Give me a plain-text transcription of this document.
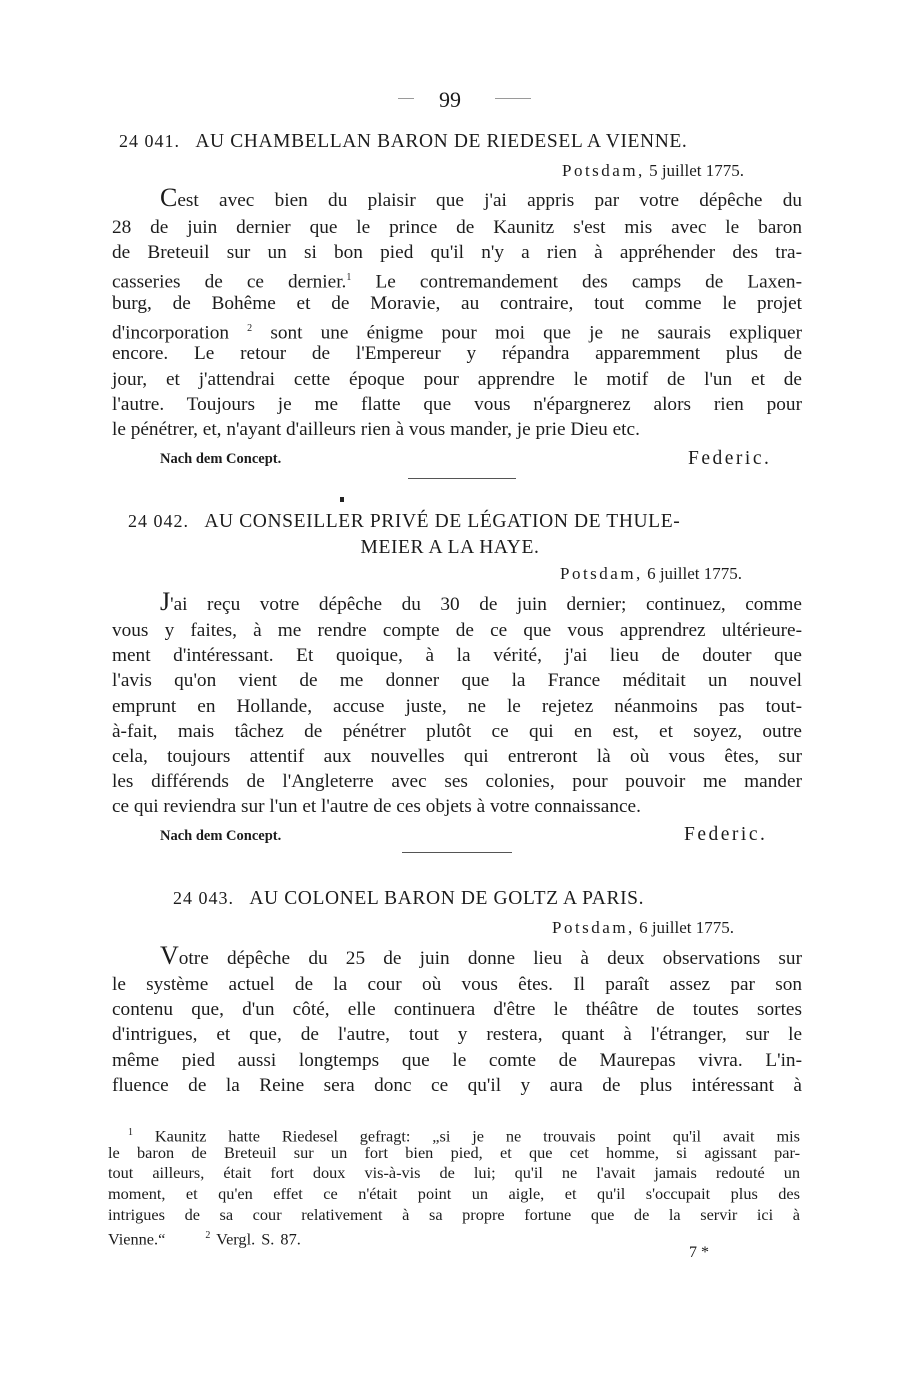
99
24 041. AU CHAMBELLAN BARON DE RIEDESEL A VIENNE.
Potsdam, 5 juillet 1775.
Cest avec bien du plaisir que j'ai appris par votre dépêche du
28 de juin dernier que le prince de Kaunitz s'est mis avec le baron
de Breteuil sur un si bon pied qu'il n'y a rien à appréhender des tra-
casseries de ce dernier.$^1$ Le contremandement des camps de Laxen-
burg, de Bohême et de Moravie, au contraire, tout comme le projet
d'incorporation $^2$ sont une énigme pour moi que je ne saurais expliquer
encore. Le retour de l'Empereur y répandra apparemment plus de
jour, et j'attendrai cette époque pour apprendre le motif de l'un et de
l'autre. Toujours je me flatte que vous n'épargnerez alors rien pour
le pénétrer, et, n'ayant d'ailleurs rien à vous mander, je prie Dieu etc.
Nach dem Concept.	Federic.
24 042. AU CONSEILLER PRIVÉ DE LÉGATION DE THULE-
MEIER A LA HAYE.
Potsdam, 6 juillet 1775.
J'ai reçu votre dépêche du 30 de juin dernier; continuez, comme
vous y faites, à me rendre compte de ce que vous apprendrez ultérieure-
ment d'intéressant. Et quoique, à la vérité, j'ai lieu de douter que
l'avis qu'on vient de me donner que la France méditait un nouvel
emprunt en Hollande, accuse juste, ne le rejetez néanmoins pas tout-
à-fait, mais tâchez de pénétrer plutôt ce qui en est, et soyez, outre
cela, toujours attentif aux nouvelles qui entreront là où vous êtes, sur
les différends de l'Angleterre avec ses colonies, pour pouvoir me mander
ce qui reviendra sur l'un et l'autre de ces objets à votre connaissance.
Nach dem Concept.	Federic.
24 043. AU COLONEL BARON DE GOLTZ A PARIS.
Potsdam, 6 juillet 1775.
Votre dépêche du 25 de juin donne lieu à deux observations sur
le système actuel de la cour où vous êtes. Il paraît assez par son
contenu que, d'un côté, elle continuera d'être le théâtre de toutes sortes
d'intrigues, et que, de l'autre, tout y restera, quant à l'étranger, sur le
même pied aussi longtemps que le comte de Maurepas vivra. L'in-
fluence de la Reine sera donc ce qu'il y aura de plus intéressant à
$^1$ Kaunitz hatte Riedesel gefragt: „si je ne trouvais point qu'il avait mis
le baron de Breteuil sur un fort bien pied, et que cet homme, si agissant par-
tout ailleurs, était fort doux vis-à-vis de lui; qu'il ne l'avait jamais redouté un
moment, et qu'en effet ce n'était point un aigle, et qu'il s'occupait plus des
intrigues de sa cour relativement à sa propre fortune que de la servir ici à
Vienne.“	$^2$ Vergl. S. 87.
7 *
